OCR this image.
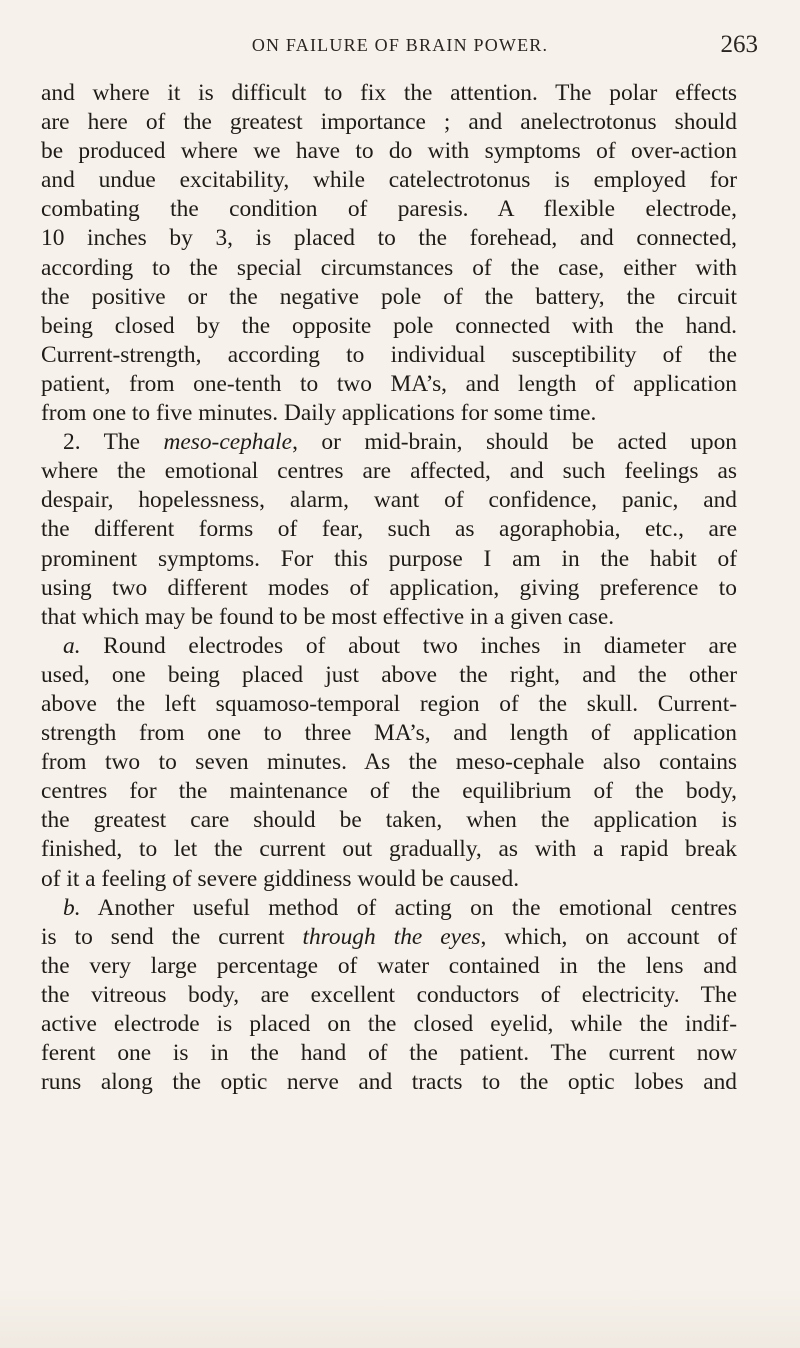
ON FAILURE OF BRAIN POWER.	263
and where it is difficult to fix the attention. The polar effects
are here of the greatest importance ; and anelectrotonus should
be produced where we have to do with symptoms of over-action
and undue excitability, while catelectrotonus is employed for
combating the condition of paresis. A flexible electrode,
10 inches by 3, is placed to the forehead, and connected,
according to the special circumstances of the case, either with
the positive or the negative pole of the battery, the circuit
being closed by the opposite pole connected with the hand.
Current-strength, according to individual susceptibility of the
patient, from one-tenth to two MA’s, and length of application
from one to five minutes. Daily applications for some time.
2. The meso-cephale, or mid-brain, should be acted upon
where the emotional centres are affected, and such feelings as
despair, hopelessness, alarm, want of confidence, panic, and
the different forms of fear, such as agoraphobia, etc., are
prominent symptoms. For this purpose I am in the habit of
using two different modes of application, giving preference to
that which may be found to be most effective in a given case.
a. Round electrodes of about two inches in diameter are
used, one being placed just above the right, and the other
above the left squamoso-temporal region of the skull. Current-
strength from one to three MA’s, and length of application
from two to seven minutes. As the meso-cephale also contains
centres for the maintenance of the equilibrium of the body,
the greatest care should be taken, when the application is
finished, to let the current out gradually, as with a rapid break
of it a feeling of severe giddiness would be caused.
b. Another useful method of acting on the emotional centres
is to send the current through the eyes, which, on account of
the very large percentage of water contained in the lens and
the vitreous body, are excellent conductors of electricity. The
active electrode is placed on the closed eyelid, while the indif-
ferent one is in the hand of the patient. The current now
runs along the optic nerve and tracts to the optic lobes and
